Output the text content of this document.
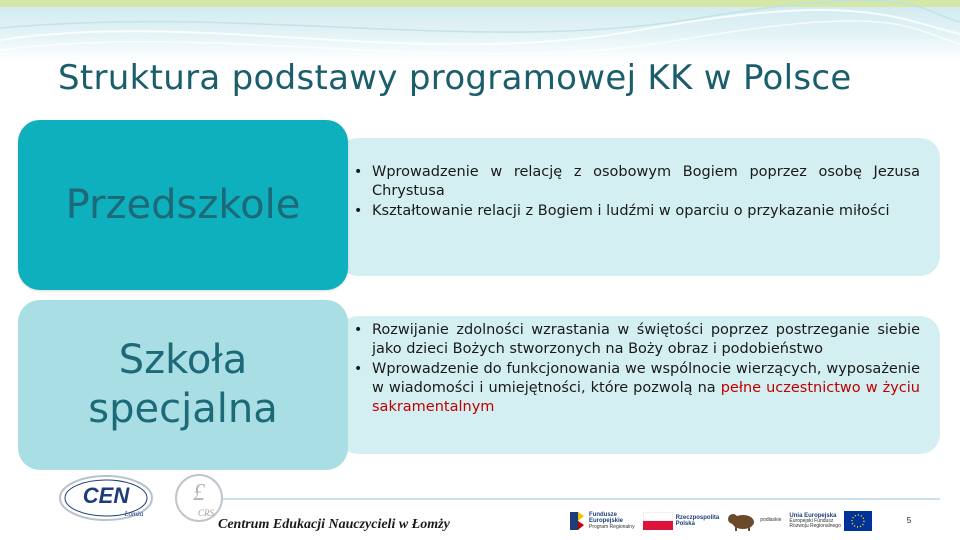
Struktura podstawy programowej KK w Polsce
• Wprowadzenie w relację z osobowym Bogiem poprzez osobę Jezusa Chrystusa
• Kształtowanie relacji z Bogiem i ludźmi w oparciu o przykazanie miłości
Przedszkole
• Rozwijanie zdolności wzrastania w świętości poprzez postrzeganie siebie jako dzieci Bożych stworzonych na Boży obraz i podobieństwo
• Wprowadzenie do funkcjonowania we wspólnocie wierzących, wyposażenie w wiadomości i umiejętności, które pozwolą na pełne uczestnictwo w życiu sakramentalnym
Szkoła
specjalna
CEN
Łomża
£
CRS
Centrum Edukacji Nauczycieli w Łomży
Fundusze
Europejskie
Program Regionalny
Rzeczpospolita
Polska
podlaskie
Unia Europejska
Europejski Fundusz
Rozwoju Regionalnego
5
